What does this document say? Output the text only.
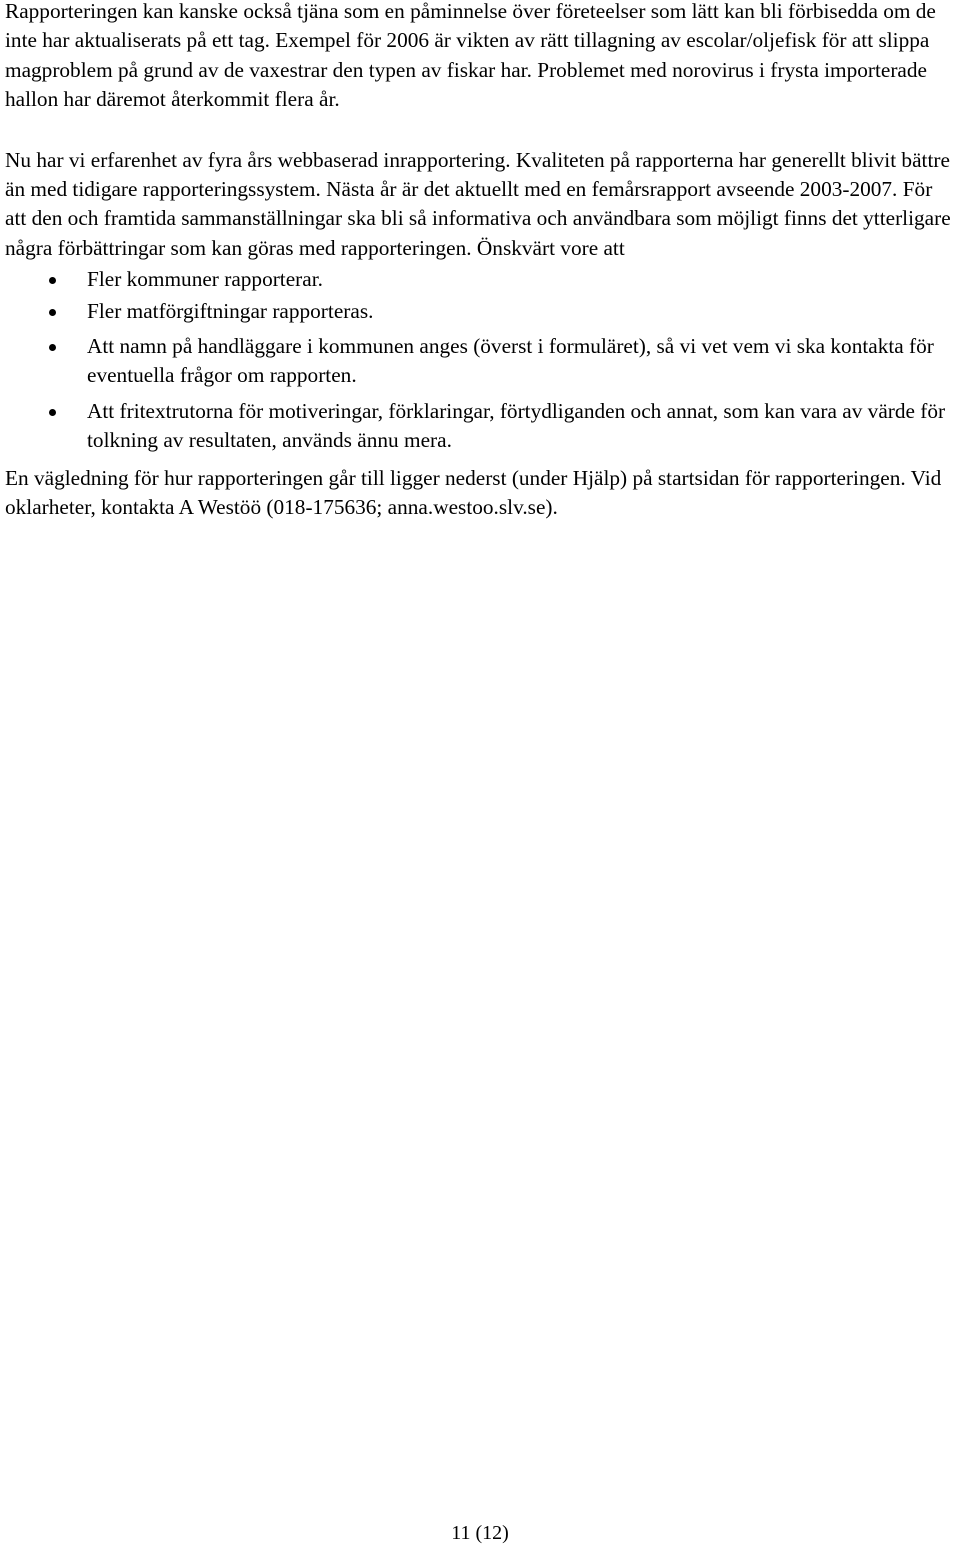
Rapporteringen kan kanske också tjäna som en påminnelse över företeelser som lätt kan bli förbisedda om de inte har aktualiserats på ett tag. Exempel för 2006 är vikten av rätt tillagning av escolar/oljefisk för att slippa magproblem på grund av de vaxestrar den typen av fiskar har. Problemet med norovirus i frysta importerade hallon har däremot återkommit flera år.

Nu har vi erfarenhet av fyra års webbaserad inrapportering. Kvaliteten på rapporterna har generellt blivit bättre än med tidigare rapporteringssystem. Nästa år är det aktuellt med en femårsrapport avseende 2003-2007. För att den och framtida sammanställningar ska bli så informativa och användbara som möjligt finns det ytterligare några förbättringar som kan göras med rapporteringen. Önskvärt vore att

Fler kommuner rapporterar.
Fler matförgiftningar rapporteras.
Att namn på handläggare i kommunen anges (överst i formuläret), så vi vet vem vi ska kontakta för eventuella frågor om rapporten.
Att fritextrutorna för motiveringar, förklaringar, förtydliganden och annat, som kan vara av värde för tolkning av resultaten, används ännu mera.

En vägledning för hur rapporteringen går till ligger nederst (under Hjälp) på startsidan för rapporteringen. Vid oklarheter, kontakta A Westöö (018-175636; anna.westoo.slv.se).

11 (12)
